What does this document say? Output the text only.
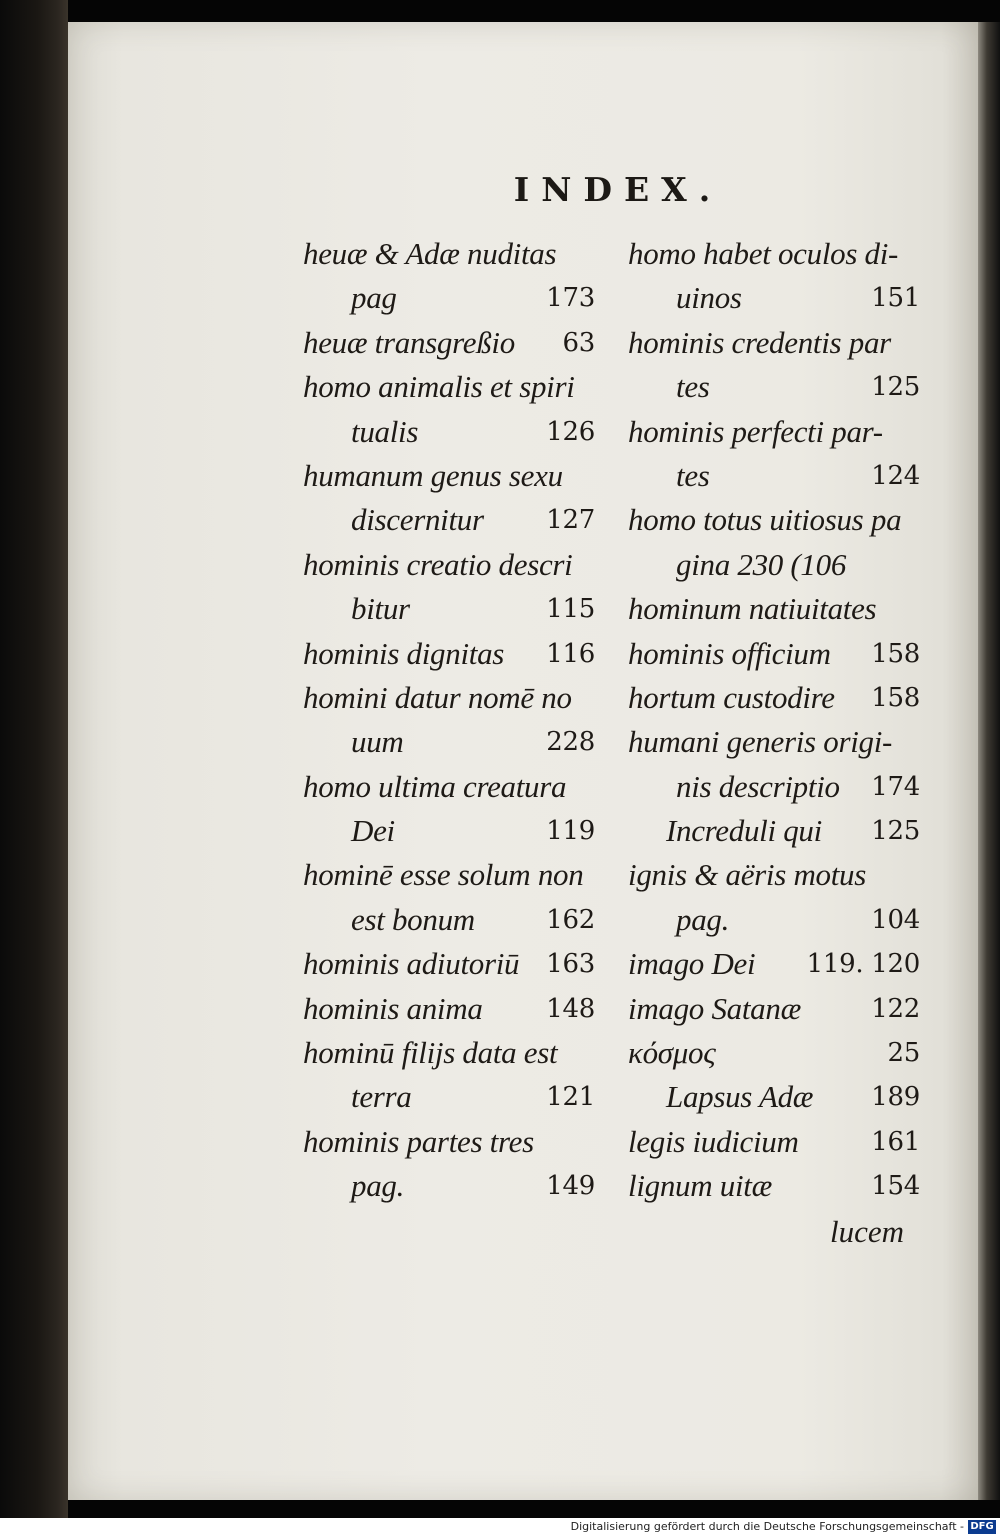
INDEX.
heuæ & Adæ nuditas
pag	173
heuæ transgreßio 63
homo animalis et spiri
tualis	126
humanum genus sexu
discernitur 127
hominis creatio descri
bitur	115
hominis dignitas 116
homini datur nomē no
uum	228
homo ultima creatura
Dei	119
hominē esse solum non
est bonum	162
hominis adiutoriū 163
hominis anima 148
hominū filijs data est
terra	121
hominis partes tres
pag.	149
homo habet oculos di-
uinos	151
hominis credentis par
tes	125
hominis perfecti par-
tes	124
homo totus uitiosus pa
gina 230 (106
hominum natiuitates
hominis officium 158
hortum custodire 158
humani generis origi-
nis descriptio 174
Increduli qui 125
ignis & aëris motus
pag.	104
imago Dei 119. 120
imago Satanæ	122
κόσμος	25
Lapsus Adæ 189
legis iudicium	161
lignum uitæ	154
lucem
Digitalisierung gefördert durch die Deutsche Forschungsgemeinschaft - DFG
